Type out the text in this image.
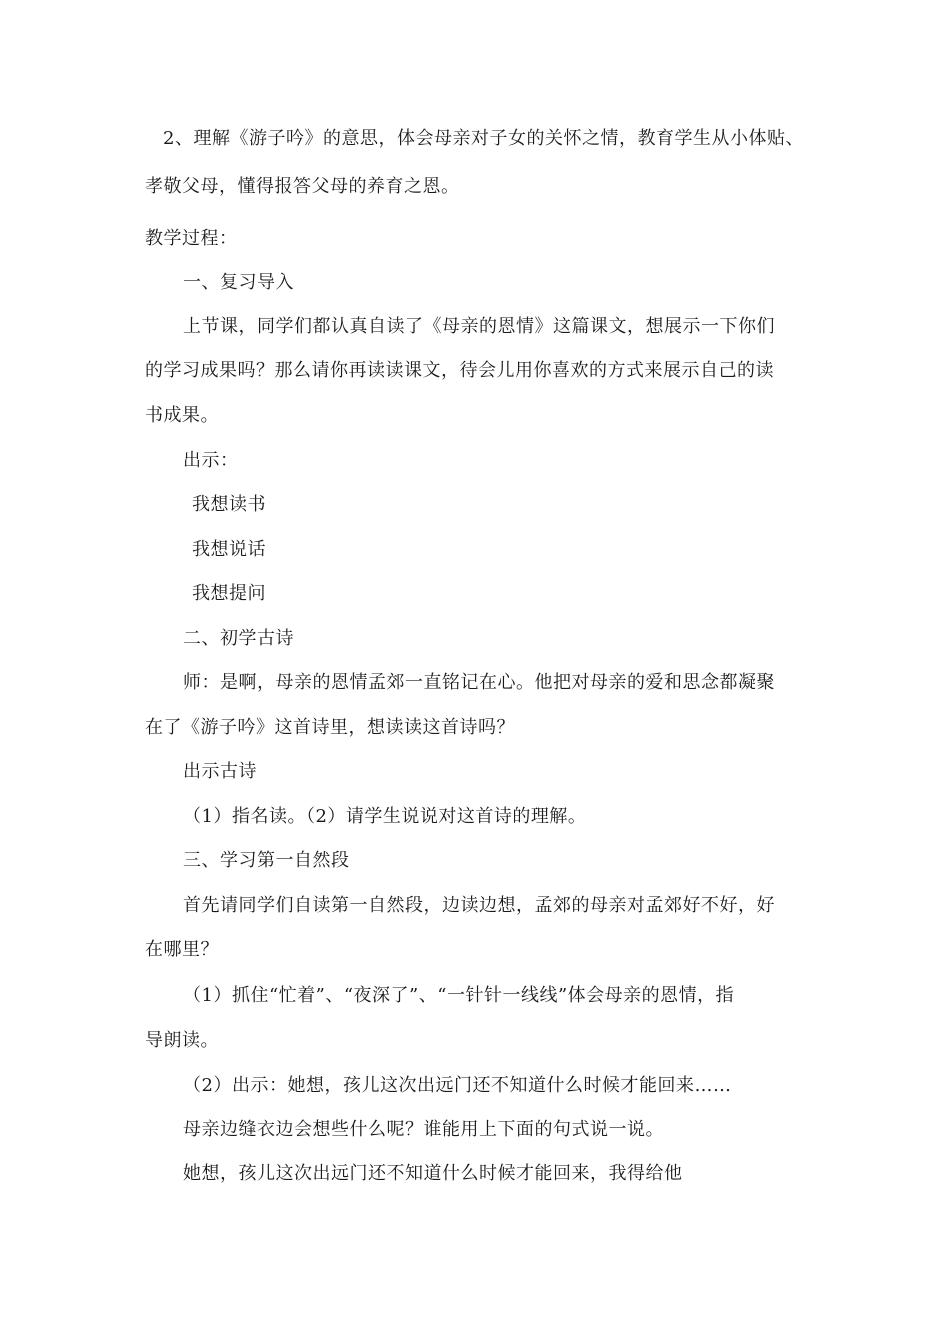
2、理解《游子吟》的意思，体会母亲对子女的关怀之情，教育学生从小体贴、
孝敬父母，懂得报答父母的养育之恩。
教学过程：
一、复习导入
上节课，同学们都认真自读了《母亲的恩情》这篇课文，想展示一下你们
的学习成果吗？那么请你再读读课文，待会儿用你喜欢的方式来展示自己的读
书成果。
出示：
我想读书
我想说话
我想提问
二、初学古诗
师：是啊，母亲的恩情孟郊一直铭记在心。他把对母亲的爱和思念都凝聚
在了《游子吟》这首诗里，想读读这首诗吗？
出示古诗
（1）指名读。（2）请学生说说对这首诗的理解。
三、学习第一自然段
首先请同学们自读第一自然段，边读边想，孟郊的母亲对孟郊好不好，好
在哪里？
（1）抓住“忙着”、“夜深了”、“一针针一线线”体会母亲的恩情，指
导朗读。
（2）出示：她想，孩儿这次出远门还不知道什么时候才能回来……
母亲边缝衣边会想些什么呢？谁能用上下面的句式说一说。
她想，孩儿这次出远门还不知道什么时候才能回来，我得给他
